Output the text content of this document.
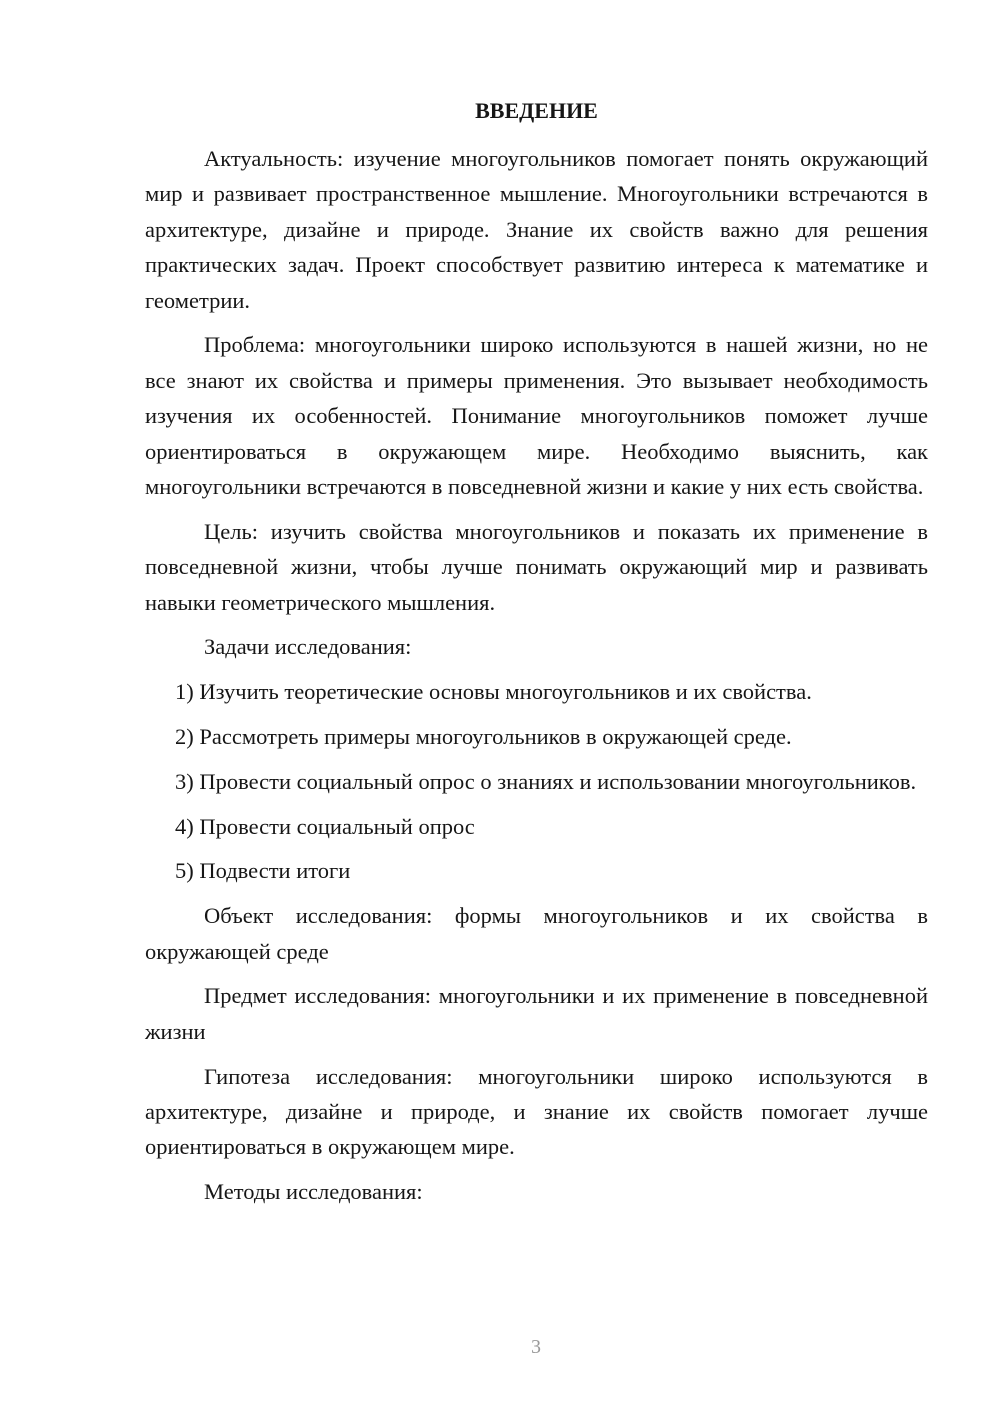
ВВЕДЕНИЕ

Актуальность: изучение многоугольников помогает понять окружающий мир и развивает пространственное мышление. Многоугольники встречаются в архитектуре, дизайне и природе. Знание их свойств важно для решения практических задач. Проект способствует развитию интереса к математике и геометрии.

Проблема: многоугольники широко используются в нашей жизни, но не все знают их свойства и примеры применения. Это вызывает необходимость изучения их особенностей. Понимание многоугольников поможет лучше ориентироваться в окружающем мире. Необходимо выяснить, как многоугольники встречаются в повседневной жизни и какие у них есть свойства.

Цель: изучить свойства многоугольников и показать их применение в повседневной жизни, чтобы лучше понимать окружающий мир и развивать навыки геометрического мышления.

Задачи исследования:

1) Изучить теоретические основы многоугольников и их свойства.

2) Рассмотреть примеры многоугольников в окружающей среде.

3) Провести социальный опрос о знаниях и использовании многоугольников.

4) Провести социальный опрос

5) Подвести итоги

Объект исследования: формы многоугольников и их свойства в окружающей среде

Предмет исследования: многоугольники и их применение в повседневной жизни

Гипотеза исследования: многоугольники широко используются в архитектуре, дизайне и природе, и знание их свойств помогает лучше ориентироваться в окружающем мире.

Методы исследования:

3
